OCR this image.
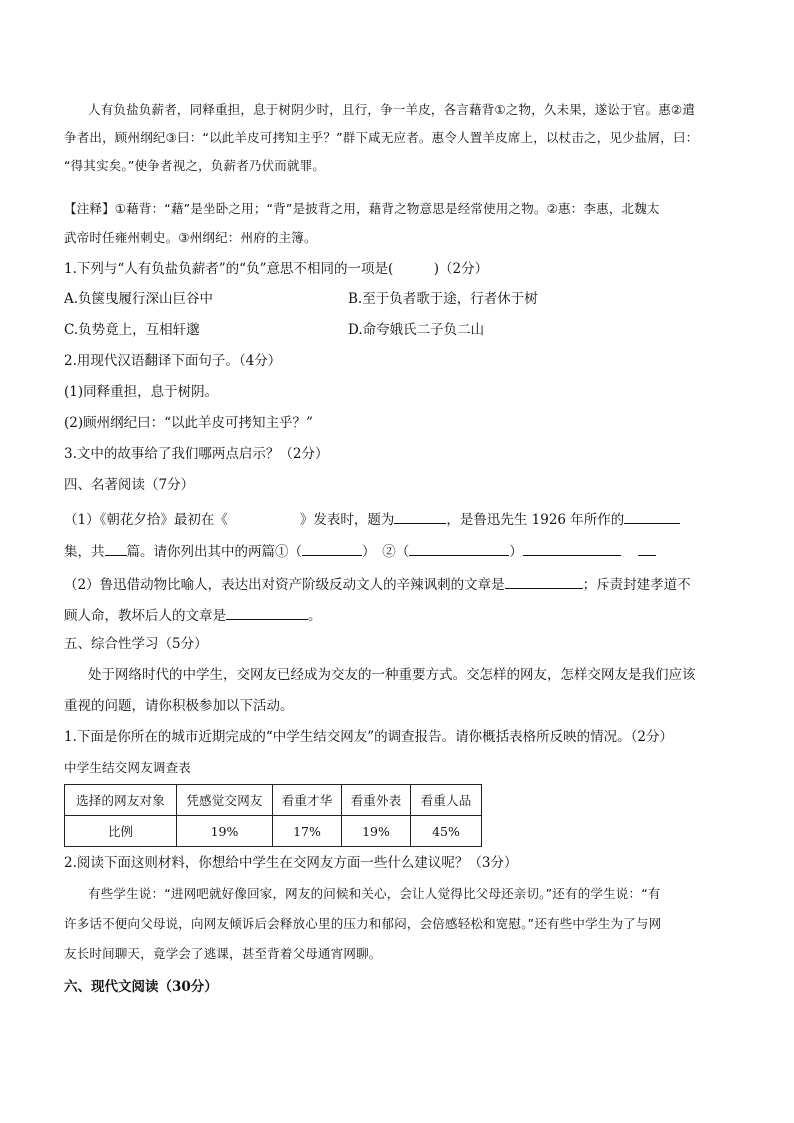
人有负盐负薪者，同释重担，息于树阴少时，且行，争一羊皮，各言藉背①之物，久未果，遂讼于官。惠②遣
争者出，顾州纲纪③曰：“以此羊皮可拷知主乎？”群下咸无应者。惠令人置羊皮席上，以杖击之，见少盐屑，曰：
“得其实矣。”使争者视之，负薪者乃伏而就罪。
【注释】①藉背：“藉”是坐卧之用；“背”是披背之用，藉背之物意思是经常使用之物。②惠：李惠，北魏太
武帝时任雍州刺史。③州纲纪：州府的主簿。
1.下列与“人有负盐负薪者”的“负”意思不相同的一项是(　　　)（2分）
A.负箧曳履行深山巨谷中	B.至于负者歌于途，行者休于树
C.负势竟上，互相轩邈	D.命夸娥氏二子负二山
2.用现代汉语翻译下面句子。（4分）
(1)同释重担，息于树阴。
(2)顾州纲纪曰：“以此羊皮可拷知主乎？”
3.文中的故事给了我们哪两点启示？（2分）
四、名著阅读（7分）
（1）《朝花夕拾》最初在《	》发表时，题为	，是鲁迅先生 1926 年所作的
集，共 篇。请你列出其中的两篇①（	）　②（	）
（2）鲁迅借动物比喻人，表达出对资产阶级反动文人的辛辣讽刺的文章是	；斥责封建孝道不
顾人命，教坏后人的文章是	。
五、综合性学习（5分）
处于网络时代的中学生，交网友已经成为交友的一种重要方式。交怎样的网友，怎样交网友是我们应该
重视的问题，请你积极参加以下活动。
1.下面是你所在的城市近期完成的“中学生结交网友”的调查报告。请你概括表格所反映的情况。（2分）
中学生结交网友调查表
选择的网友对象	凭感觉交网友	看重才华	看重外表	看重人品
比例	19%	17%	19%	45%
2.阅读下面这则材料，你想给中学生在交网友方面一些什么建议呢？（3分）
有些学生说：“进网吧就好像回家，网友的问候和关心，会让人觉得比父母还亲切。”还有的学生说：“有
许多话不便向父母说，向网友倾诉后会释放心里的压力和郁闷，会倍感轻松和宽慰。”还有些中学生为了与网
友长时间聊天，竟学会了逃课，甚至背着父母通宵网聊。
六、现代文阅读（30分）
